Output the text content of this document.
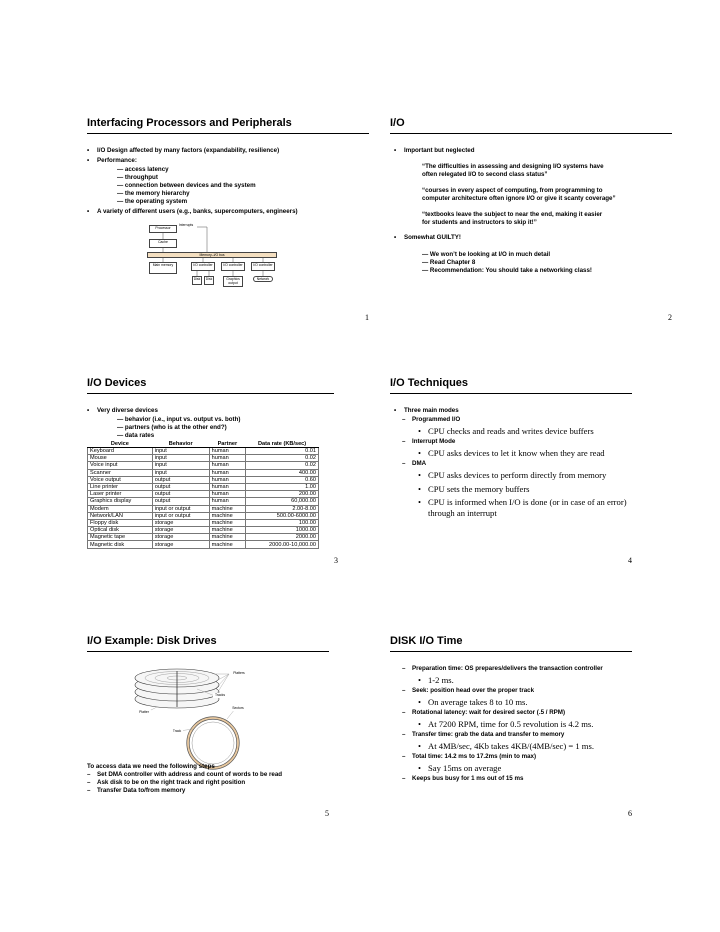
Interfacing Processors and Peripherals
• I/O Design affected by many factors (expandability, resilience)
• Performance:
— access latency
— throughput
— connection between devices and the system
— the memory hierarchy
— the operating system
• A variety of different users (e.g., banks, supercomputers, engineers)
Interrupts
Processor
Cache
Memory–I/O bus
Main memory	I/O controller	I/O controller	I/O controller
Disk	Disk	Graphics output
Network
1
I/O
• Important but neglected
“The difficulties in assessing and designing I/O systems have
often relegated I/O to second class status”
“courses in every aspect of computing, from programming to
computer architecture often ignore I/O or give it scanty coverage”
“textbooks leave the subject to near the end, making it easier
for students and instructors to skip it!”
• Somewhat GUILTY!
— We won’t be looking at I/O in much detail
— Read Chapter 8
— Recommendation: You should take a networking class!
2
I/O Devices
• Very diverse devices
— behavior (i.e., input vs. output vs. both)
— partners (who is at the other end?)
— data rates
Device	Behavior	Partner	Data rate (KB/sec)
Keyboard	input	human	0.01
Mouse	input	human	0.02
Voice input	input	human	0.02
Scanner	input	human	400.00
Voice output	output	human	0.60
Line printer	output	human	1.00
Laser printer	output	human	200.00
Graphics display	output	human	60,000.00
Modem	input or output	machine	2.00-8.00
Network/LAN	input or output	machine	500.00-6000.00
Floppy disk	storage	machine	100.00
Optical disk	storage	machine	1000.00
Magnetic tape	storage	machine	2000.00
Magnetic disk	storage	machine	2000.00-10,000.00
3
I/O Techniques
• Three main modes
– Programmed I/O
• CPU checks and reads and writes device buffers
– Interrupt Mode
• CPU asks devices to let it know when they are read
– DMA
• CPU asks devices to perform directly from memory
• CPU sets the memory buffers
• CPU is informed when I/O is done (or in case of an error)
through an interrupt
4
I/O Example: Disk Drives
Platters
Tracks
Platter
Sectors
Track
To access data we need the following steps
– Set DMA controller with address and count of words to be read
– Ask disk to be on the right track and right position
– Transfer Data to/from memory
5
DISK I/O Time
– Preparation time: OS prepares/delivers the transaction controller
• 1-2 ms.
– Seek: position head over the proper track
• On average takes 8 to 10 ms.
– Rotational latency: wait for desired sector (.5 / RPM)
• At 7200 RPM, time for 0.5 revolution is 4.2 ms.
– Transfer time: grab the data and transfer to memory
• At 4MB/sec, 4Kb takes 4KB/(4MB/sec) = 1 ms.
– Total time: 14.2 ms to 17.2ms (min to max)
• Say 15ms on average
– Keeps bus busy for 1 ms out of 15 ms
6
